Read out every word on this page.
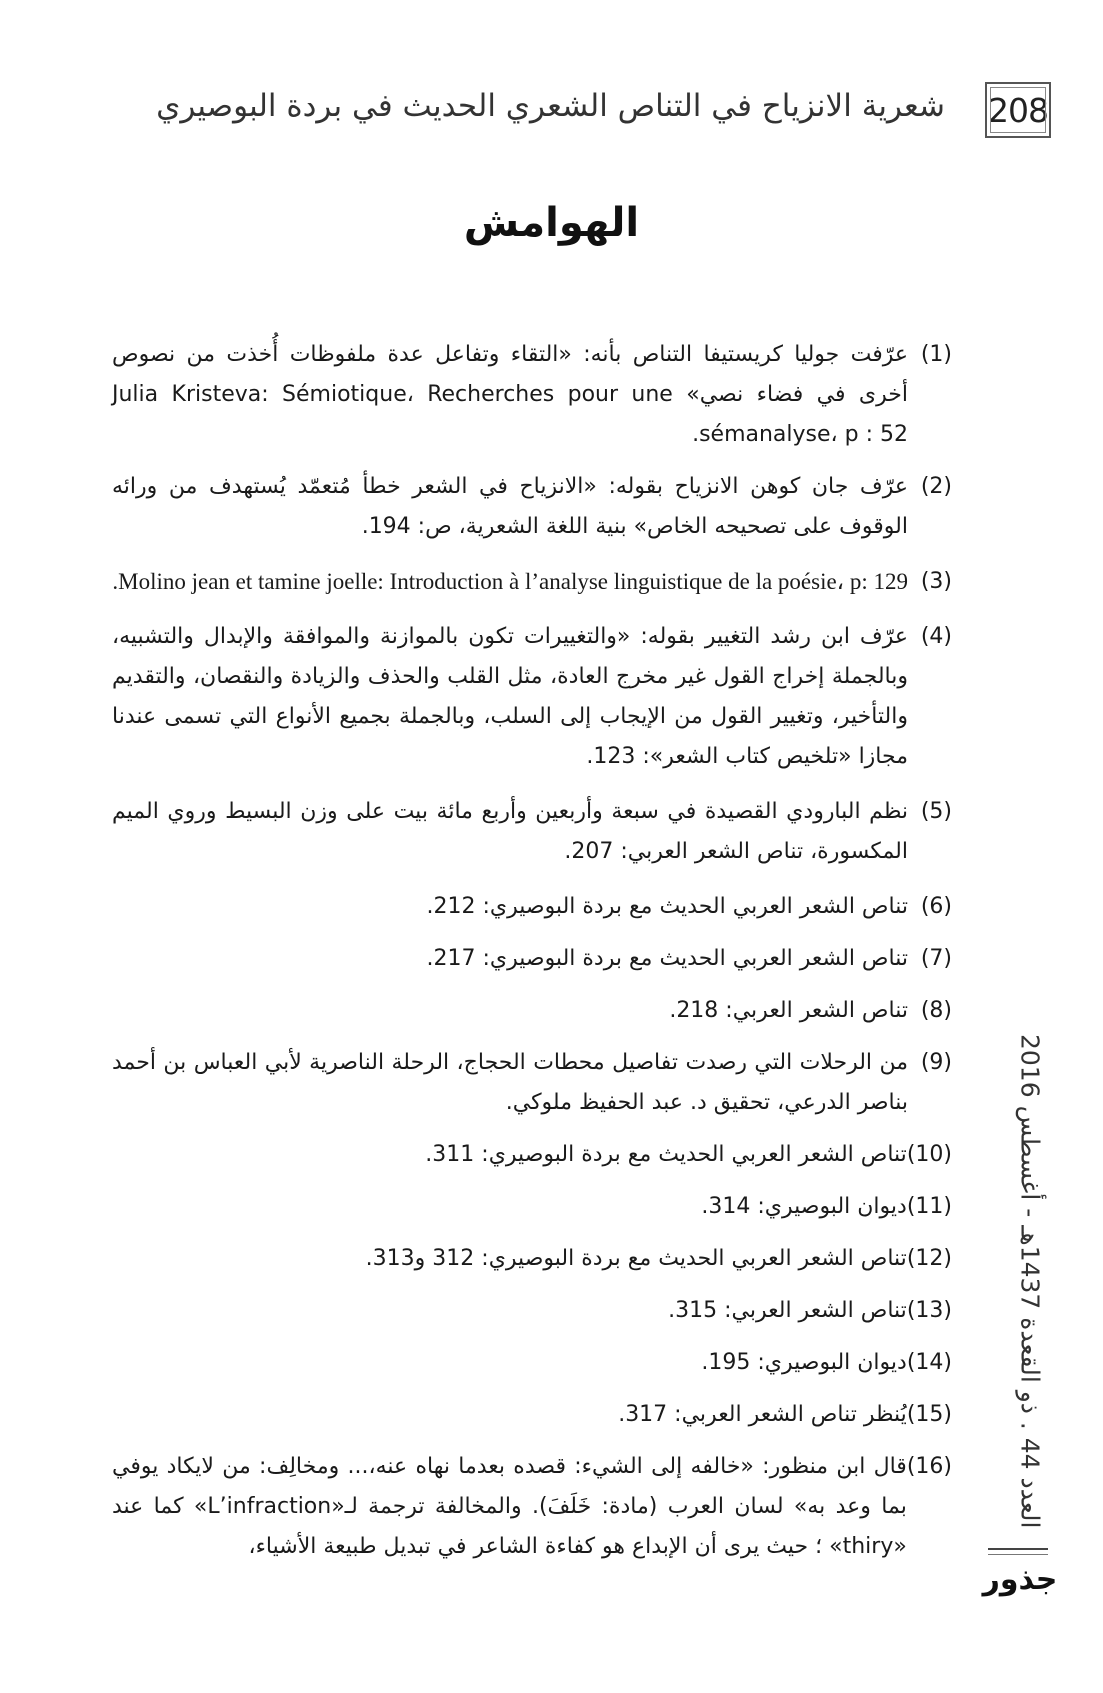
208
شعرية الانزياح في التناص الشعري الحديث في بردة البوصيري
الهوامش
(1)
عرّفت جوليا كريستيفا التناص بأنه: «التقاء وتفاعل عدة ملفوظات أُخذت من نصوص أخرى في فضاء نصي» Julia Kristeva: Sémiotique، Recherches pour une sémanalyse، p : 52.
(2)
عرّف جان كوهن الانزياح بقوله: «الانزياح في الشعر خطأ مُتعمّد يُستهدف من ورائه الوقوف على تصحيحه الخاص» بنية اللغة الشعرية، ص: 194.
(3)
Molino jean et tamine joelle: Introduction à l’analyse linguistique de la poésie، p: 129.
(4)
عرّف ابن رشد التغيير بقوله: «والتغييرات تكون بالموازنة والموافقة والإبدال والتشبيه، وبالجملة إخراج القول غير مخرج العادة، مثل القلب والحذف والزيادة والنقصان، والتقديم والتأخير، وتغيير القول من الإيجاب إلى السلب، وبالجملة بجميع الأنواع التي تسمى عندنا مجازا «تلخيص كتاب الشعر»: 123.
(5)
نظم البارودي القصيدة في سبعة وأربعين وأربع مائة بيت على وزن البسيط وروي الميم المكسورة، تناص الشعر العربي: 207.
(6)
تناص الشعر العربي الحديث مع بردة البوصيري: 212.
(7)
تناص الشعر العربي الحديث مع بردة البوصيري: 217.
(8)
تناص الشعر العربي: 218.
(9)
من الرحلات التي رصدت تفاصيل محطات الحجاج، الرحلة الناصرية لأبي العباس بن أحمد بناصر الدرعي، تحقيق د. عبد الحفيظ ملوكي.
(10)
تناص الشعر العربي الحديث مع بردة البوصيري: 311.
(11)
ديوان البوصيري: 314.
(12)
تناص الشعر العربي الحديث مع بردة البوصيري: 312 و313.
(13)
تناص الشعر العربي: 315.
(14)
ديوان البوصيري: 195.
(15)
يُنظر تناص الشعر العربي: 317.
(16)
قال ابن منظور: «خالفه إلى الشيء: قصده بعدما نهاه عنه،... ومخالِف: من لايكاد يوفي بما وعد به» لسان العرب (مادة: خَلَفَ). والمخالفة ترجمة لـ«L’infraction» كما عند «thiry» ؛ حيث يرى أن الإبداع هو كفاءة الشاعر في تبديل طبيعة الأشياء،
العدد 44 . ذو القعدة 1437هـ - أغسطس 2016
جذور
